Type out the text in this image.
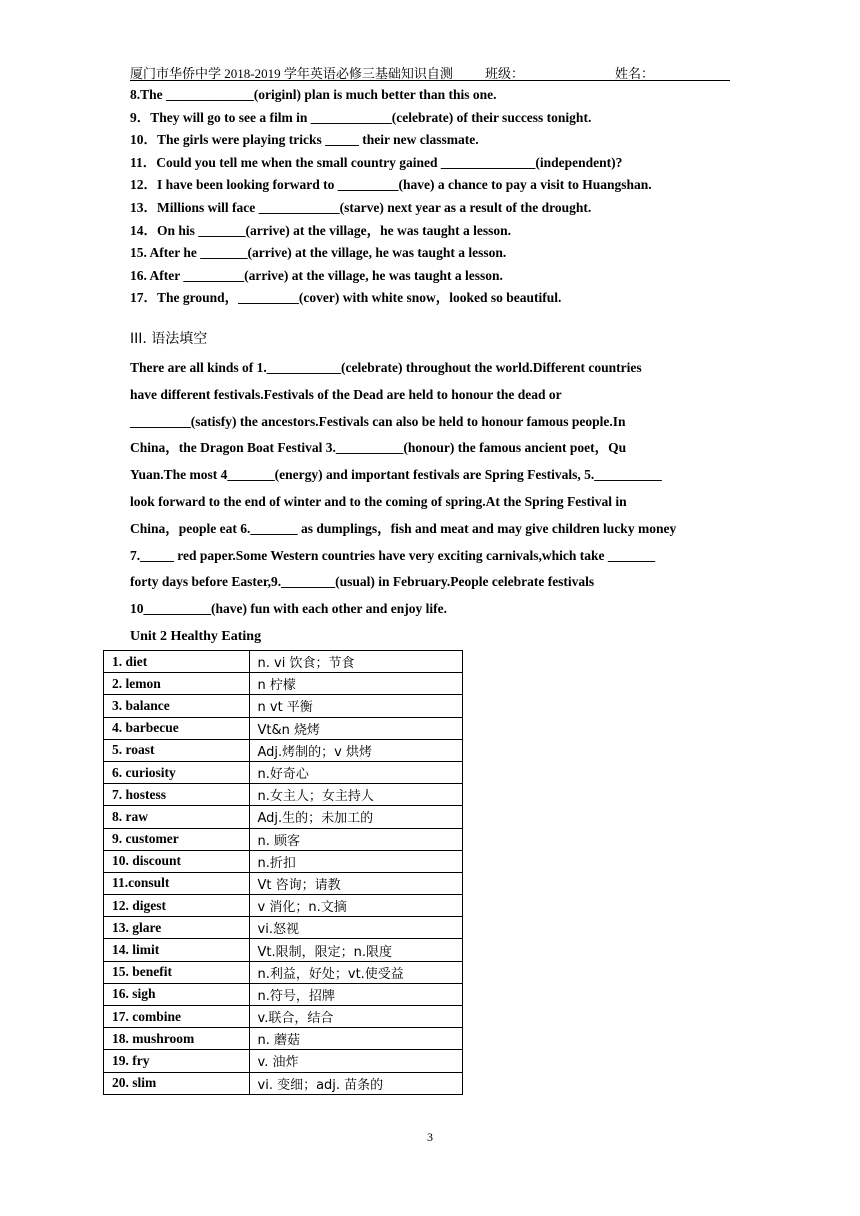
厦门市华侨中学 2018-2019 学年英语必修三基础知识自测 班级：	姓名：
8.The _____________(originl) plan is much better than this one.
9．They will go to see a film in ____________(celebrate) of their success tonight.
10．The girls were playing tricks _____ their new classmate.
11．Could you tell me when the small country gained ______________(independent)?
12．I have been looking forward to _________(have) a chance to pay a visit to Huangshan.
13．Millions will face ____________(starve) next year as a result of the drought.
14．On his _______(arrive) at the village，he was taught a lesson.
15. After he _______(arrive) at the village, he was taught a lesson.
16. After _________(arrive) at the village, he was taught a lesson.
17．The ground，_________(cover) with white snow，looked so beautiful.
III. 语法填空
There are all kinds of 1.___________(celebrate) throughout the world.Different countries
have different festivals.Festivals of the Dead are held to honour the dead or
_________(satisfy) the ancestors.Festivals can also be held to honour famous people.In
China，the Dragon Boat Festival 3.__________(honour) the famous ancient poet，Qu
Yuan.The most 4_______(energy) and important festivals are Spring Festivals, 5.__________
look forward to the end of winter and to the coming of spring.At the Spring Festival in
China，people eat 6._______ as dumplings，fish and meat and may give children lucky money
7._____ red paper.Some Western countries have very exciting carnivals,which take _______
forty days before Easter,9.________(usual) in February.People celebrate festivals
10__________(have) fun with each other and enjoy life.
Unit 2 Healthy Eating
1. diet	n. vi 饮食；节食
2. lemon	n 柠檬
3. balance	n vt 平衡
4. barbecue	Vt&n 烧烤
5. roast	Adj.烤制的；v 烘烤
6. curiosity	n.好奇心
7. hostess	n.女主人；女主持人
8. raw	Adj.生的；未加工的
9. customer	n. 顾客
10. discount	n.折扣
11.consult	Vt 咨询；请教
12. digest	v 消化；n.文摘
13. glare	vi.怒视
14. limit	Vt.限制，限定；n.限度
15. benefit	n.利益，好处；vt.使受益
16. sigh	n.符号，招牌
17. combine	v.联合，结合
18. mushroom	n. 蘑菇
19. fry	v. 油炸
20. slim	vi. 变细；adj. 苗条的
3
